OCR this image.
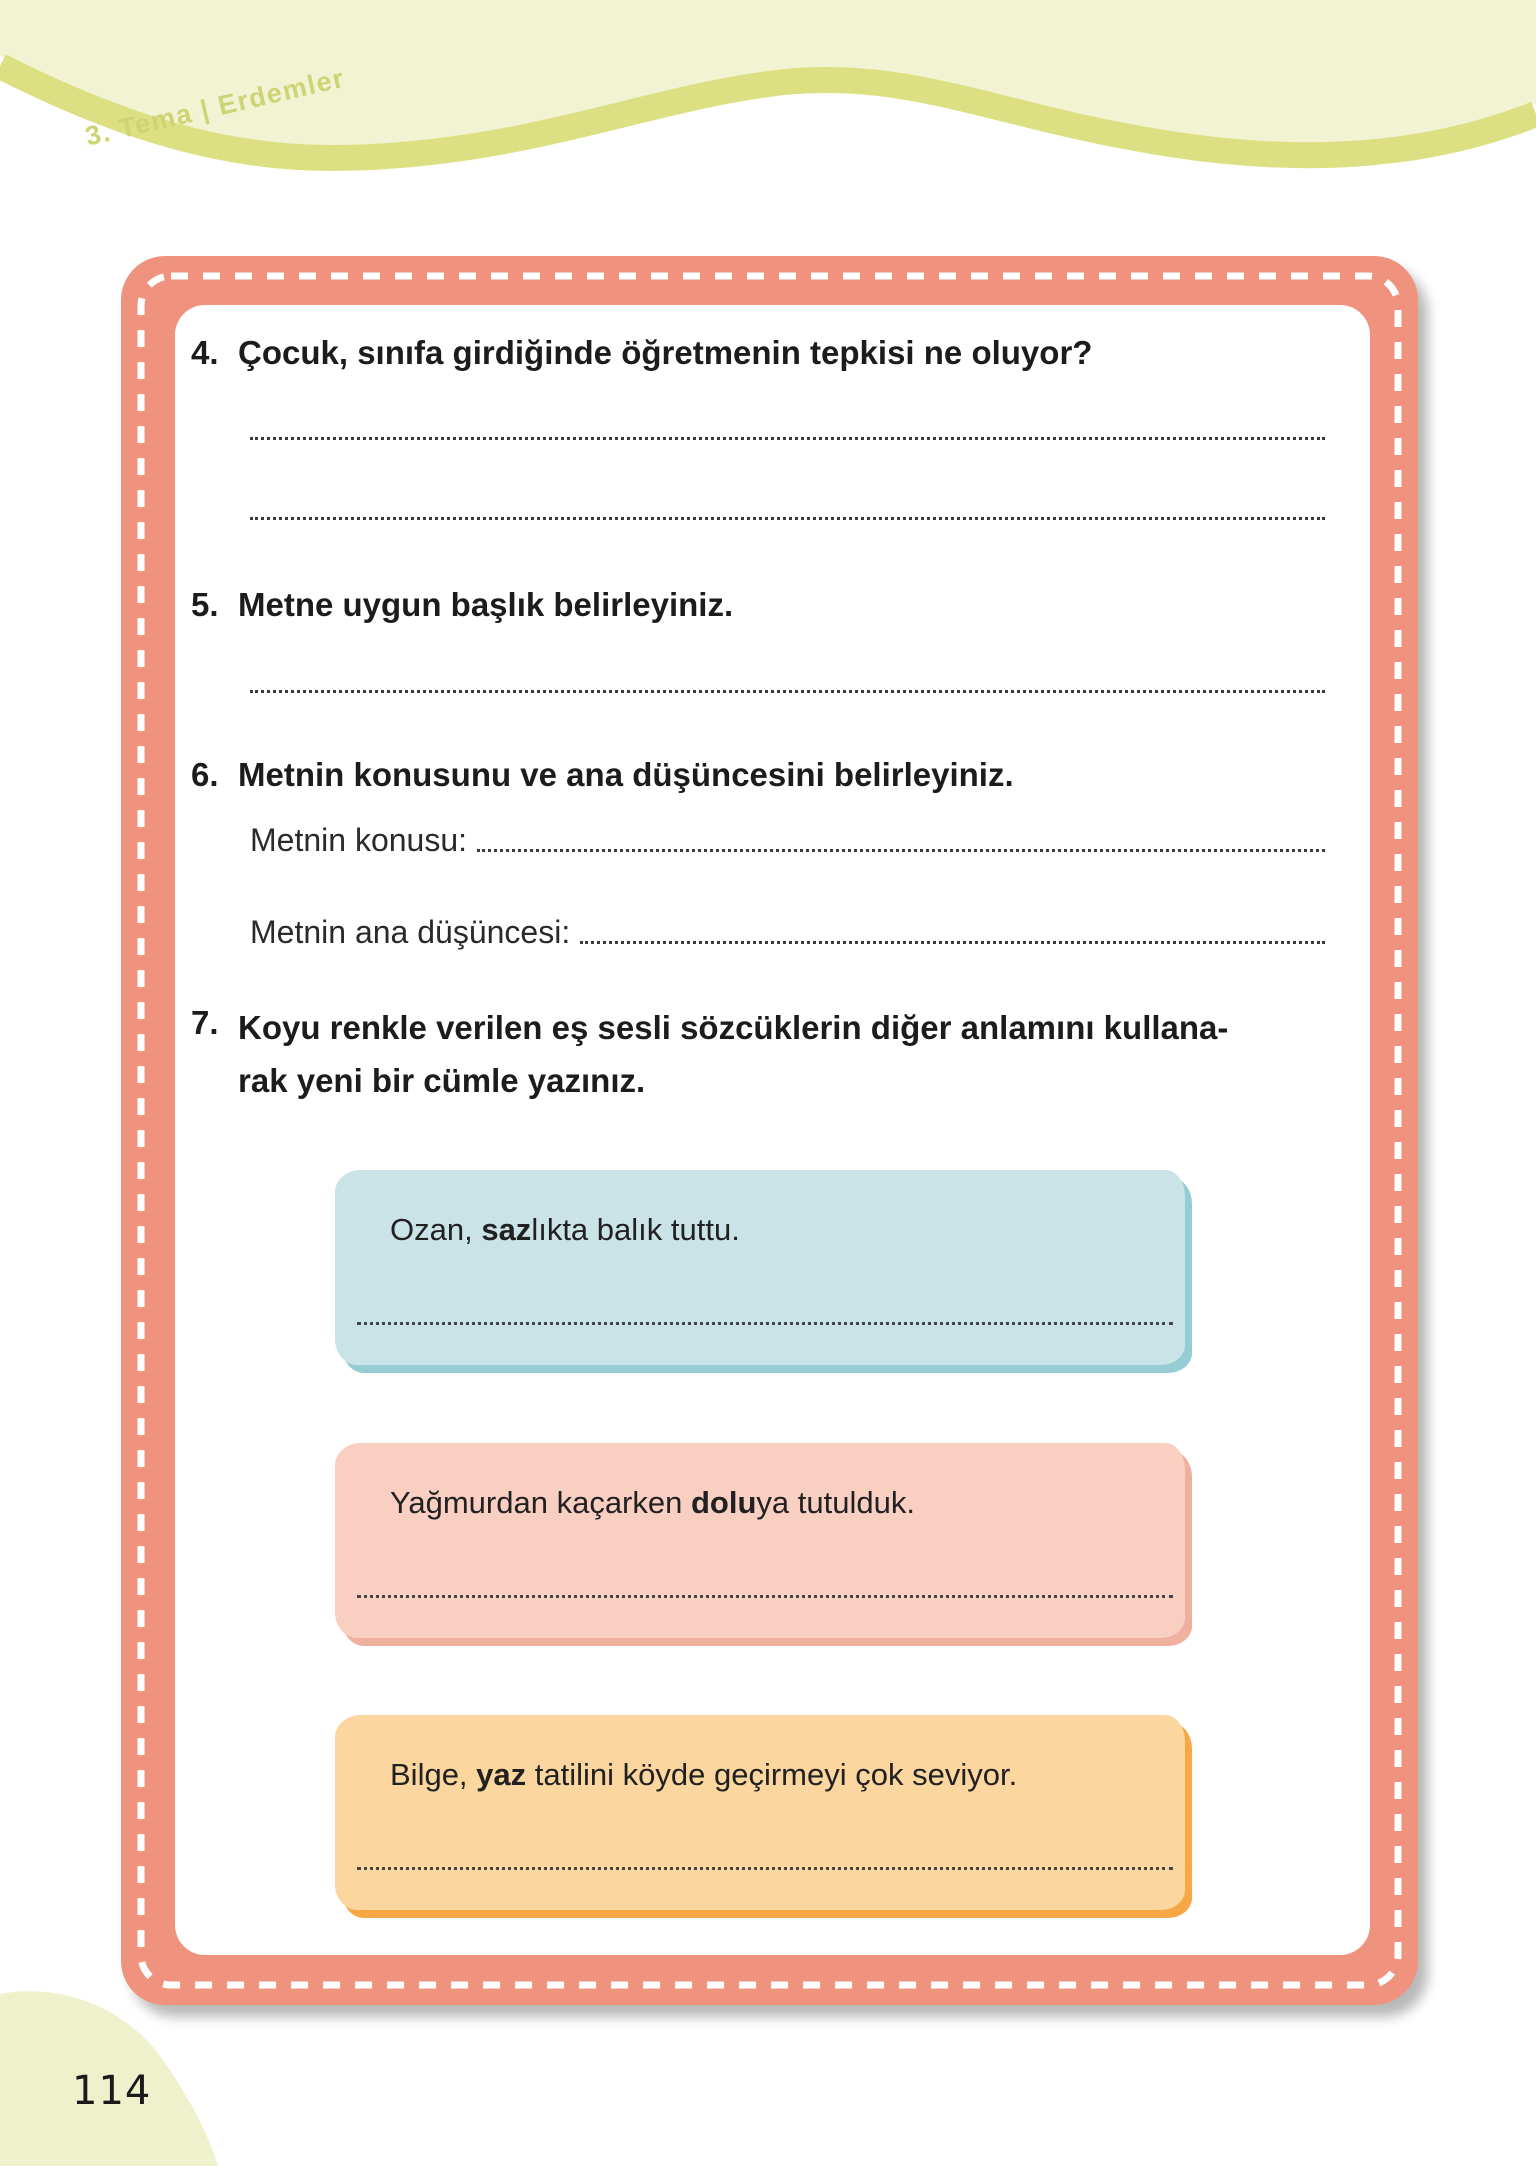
3. Tema | Erdemler
4. Çocuk, sınıfa girdiğinde öğretmenin tepkisi ne oluyor?
5. Metne uygun başlık belirleyiniz.
6. Metnin konusunu ve ana düşüncesini belirleyiniz.
Metnin konusu:
Metnin ana düşüncesi:
7. Koyu renkle verilen eş sesli sözcüklerin diğer anlamını kullana-
rak yeni bir cümle yazınız.
Ozan, sazlıkta balık tuttu.
Yağmurdan kaçarken doluya tutulduk.
Bilge, yaz tatilini köyde geçirmeyi çok seviyor.
114
